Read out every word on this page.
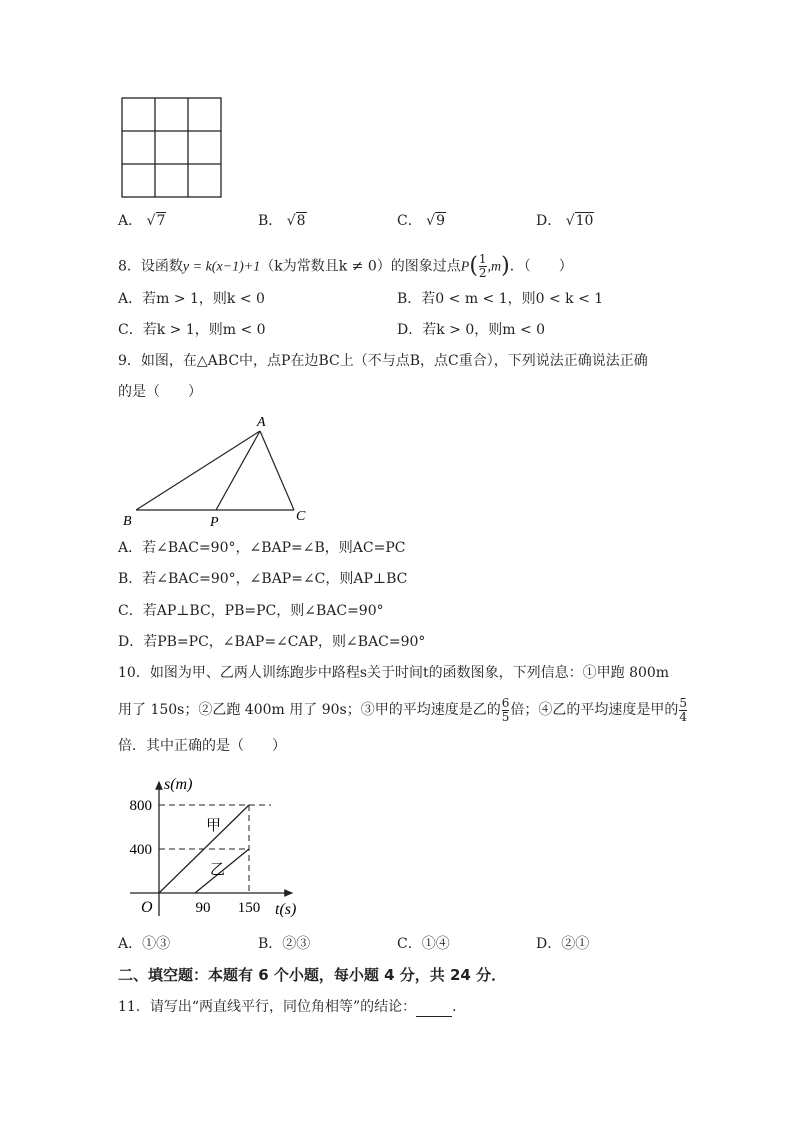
A． √7	B． √8	C． √9	D． √10
8．设函数y = k(x−1)+1（k为常数且k ≠ 0）的图象过点$P( \frac{1}{2} ,m)$．（　　）
A．若m > 1，则k < 0	B．若0 < m < 1，则0 < k < 1
C．若k > 1，则m < 0	D．若k > 0，则m < 0
9．如图，在△ABC中，点P在边BC上（不与点B，点C重合），下列说法正确说法正确
的是（　　）
A
B	C
P
A．若∠BAC=90°，∠BAP=∠B，则AC=PC
B．若∠BAC=90°，∠BAP=∠C，则AP⊥BC
C．若AP⊥BC，PB=PC，则∠BAC=90°
D．若PB=PC，∠BAP=∠CAP，则∠BAC=90°
10．如图为甲、乙两人训练跑步中路程s关于时间t的函数图象，下列信息：①甲跑 800m
用了 150s；②乙跑 400m 用了 90s；③甲的平均速度是乙的 $\frac{6}{5}$ 倍；④乙的平均速度是甲的 $\frac{5}{4}$
倍．其中正确的是（　　）
甲
乙
400
800
90 150
O	t(s)
s(m)
A．①③	B．②③	C．①④	D．②①
二、填空题：本题有 6 个小题，每小题 4 分，共 24 分．
11．请写出“两直线平行，同位角相等”的结论：	．
